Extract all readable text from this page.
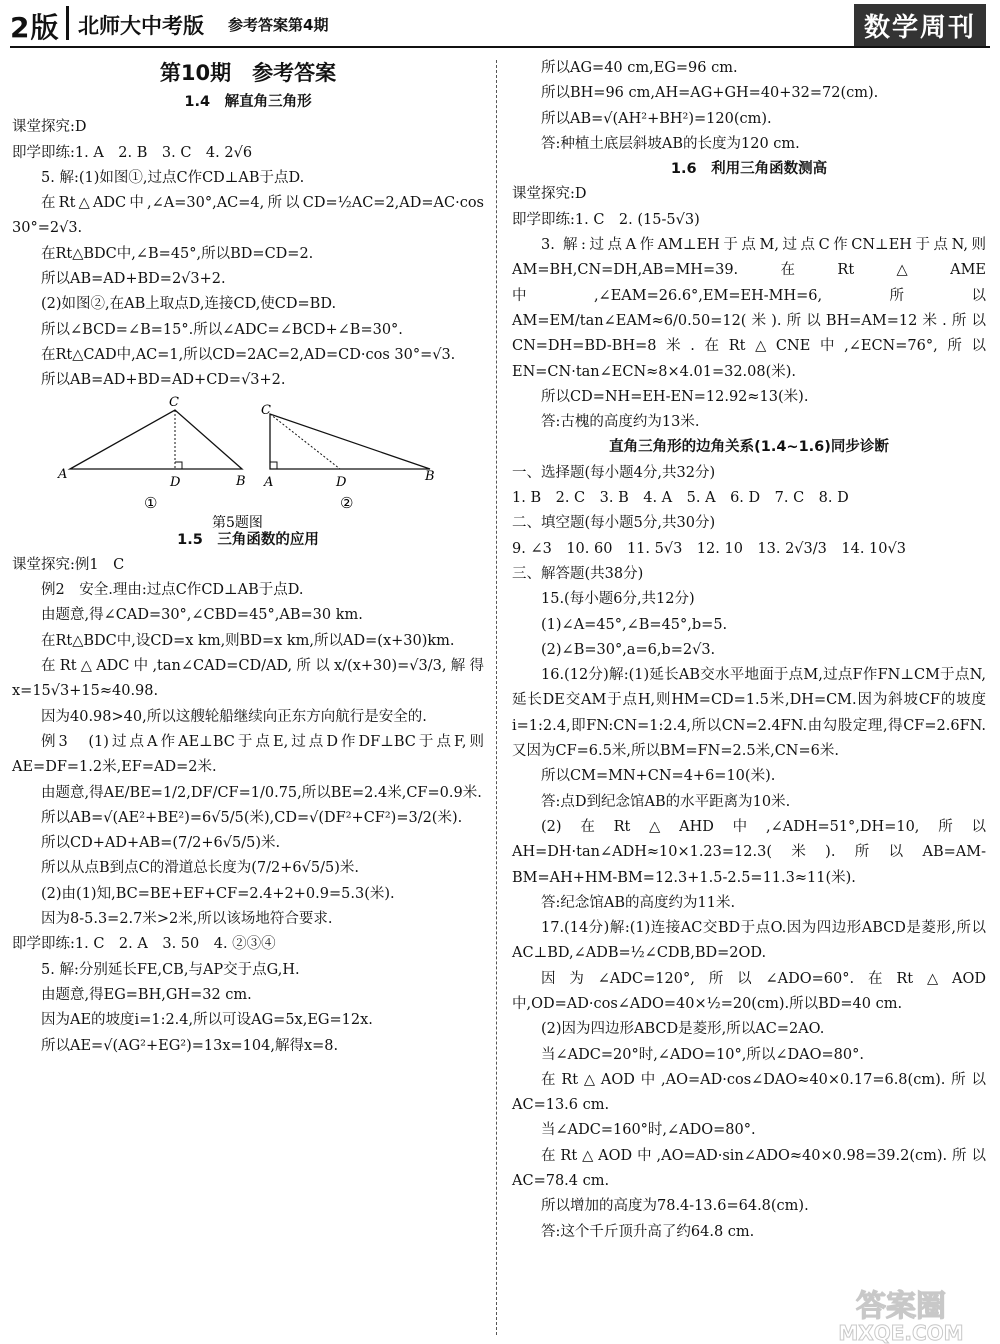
2版 北师大中考版 参考答案第4期	数学周刊
第10期　参考答案

1.4　解直角三角形

课堂探究:D

即学即练:1. A　2. B　3. C　4. 2√6

5. 解:(1)如图①,过点C作CD⊥AB于点D.

在Rt△ADC中,∠A=30°,AC=4,所以CD=½AC=2,AD=AC·cos 30°=2√3.

在Rt△BDC中,∠B=45°,所以BD=CD=2.

所以AB=AD+BD=2√3+2.

(2)如图②,在AB上取点D,连接CD,使CD=BD.

所以∠BCD=∠B=15°.所以∠ADC=∠BCD+∠B=30°.

在Rt△CAD中,AC=1,所以CD=2AC=2,AD=CD·cos 30°=√3.

所以AB=AD+BD=AD+CD=√3+2.

A	B
C
D
①
C
A	D	B
②
第5题图

1.5　三角函数的应用

课堂探究:例1　C

例2　安全.理由:过点C作CD⊥AB于点D.

由题意,得∠CAD=30°,∠CBD=45°,AB=30 km.

在Rt△BDC中,设CD=x km,则BD=x km,所以AD=(x+30)km.

在Rt△ADC中,tan∠CAD=CD/AD,所以x/(x+30)=√3/3,解得x=15√3+15≈40.98.

因为40.98>40,所以这艘轮船继续向正东方向航行是安全的.

例3　(1)过点A作AE⊥BC于点E,过点D作DF⊥BC于点F,则AE=DF=1.2米,EF=AD=2米.

由题意,得AE/BE=1/2,DF/CF=1/0.75,所以BE=2.4米,CF=0.9米.

所以AB=√(AE²+BE²)=6√5/5(米),CD=√(DF²+CF²)=3/2(米).

所以CD+AD+AB=(7/2+6√5/5)米.

所以从点B到点C的滑道总长度为(7/2+6√5/5)米.

(2)由(1)知,BC=BE+EF+CF=2.4+2+0.9=5.3(米).

因为8-5.3=2.7米>2米,所以该场地符合要求.

即学即练:1. C　2. A　3. 50　4. ②③④

5. 解:分别延长FE,CB,与AP交于点G,H.

由题意,得EG=BH,GH=32 cm.

因为AE的坡度i=1:2.4,所以可设AG=5x,EG=12x.

所以AE=√(AG²+EG²)=13x=104,解得x=8.

所以AG=40 cm,EG=96 cm.

所以BH=96 cm,AH=AG+GH=40+32=72(cm).

所以AB=√(AH²+BH²)=120(cm).

答:种植土底层斜坡AB的长度为120 cm.

1.6　利用三角函数测高

课堂探究:D

即学即练:1. C　2. (15-5√3)

3. 解:过点A作AM⊥EH于点M,过点C作CN⊥EH于点N,则AM=BH,CN=DH,AB=MH=39.在Rt△AME中,∠EAM=26.6°,EM=EH-MH=6,所以AM=EM/tan∠EAM≈6/0.50=12(米).所以BH=AM=12米.所以CN=DH=BD-BH=8米.在Rt△CNE中,∠ECN=76°,所以EN=CN·tan∠ECN≈8×4.01=32.08(米).

所以CD=NH=EH-EN=12.92≈13(米).

答:古槐的高度约为13米.

直角三角形的边角关系(1.4~1.6)同步诊断

一、选择题(每小题4分,共32分)

1. B　2. C　3. B　4. A　5. A　6. D　7. C　8. D

二、填空题(每小题5分,共30分)

9. ∠3　10. 60　11. 5√3　12. 10　13. 2√3/3　14. 10√3

三、解答题(共38分)

15.(每小题6分,共12分)

(1)∠A=45°,∠B=45°,b=5.

(2)∠B=30°,a=6,b=2√3.

16.(12分)解:(1)延长AB交水平地面于点M,过点F作FN⊥CM于点N,延长DE交AM于点H,则HM=CD=1.5米,DH=CM.因为斜坡CF的坡度i=1:2.4,即FN:CN=1:2.4,所以CN=2.4FN.由勾股定理,得CF=2.6FN.又因为CF=6.5米,所以BM=FN=2.5米,CN=6米.

所以CM=MN+CN=4+6=10(米).

答:点D到纪念馆AB的水平距离为10米.

(2)在Rt△AHD中,∠ADH=51°,DH=10,所以AH=DH·tan∠ADH≈10×1.23=12.3(米).所以AB=AM-BM=AH+HM-BM=12.3+1.5-2.5=11.3≈11(米).

答:纪念馆AB的高度约为11米.

17.(14分)解:(1)连接AC交BD于点O.因为四边形ABCD是菱形,所以AC⊥BD,∠ADB=½∠CDB,BD=2OD.

因为∠ADC=120°,所以∠ADO=60°.在Rt△AOD中,OD=AD·cos∠ADO=40×½=20(cm).所以BD=40 cm.

(2)因为四边形ABCD是菱形,所以AC=2AO.

当∠ADC=20°时,∠ADO=10°,所以∠DAO=80°.

在Rt△AOD中,AO=AD·cos∠DAO≈40×0.17=6.8(cm).所以AC=13.6 cm.

当∠ADC=160°时,∠ADO=80°.

在Rt△AOD中,AO=AD·sin∠ADO≈40×0.98=39.2(cm).所以AC=78.4 cm.

所以增加的高度为78.4-13.6=64.8(cm).

答:这个千斤顶升高了约64.8 cm.

答案圈
MXQE.COM
